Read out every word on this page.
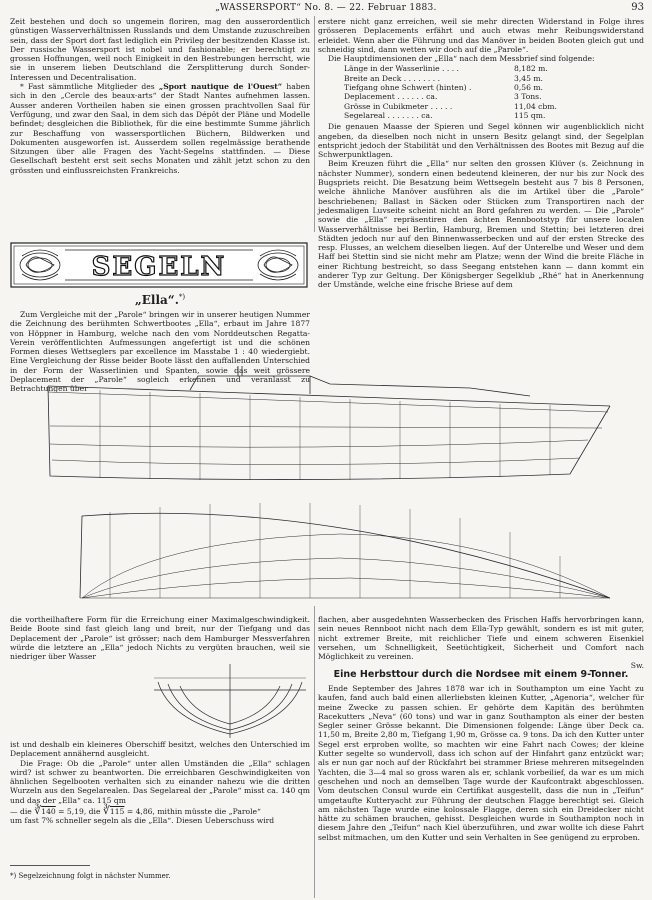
„WASSERSPORT“ No. 8. — 22. Februar 1883.	93

Zeit bestehen und doch so ungemein floriren, mag den ausserordentlich günstigen Wasserverhältnissen Russlands und dem Umstande zuzuschreiben sein, dass der Sport dort fast lediglich ein Privileg der besitzenden Klasse ist. Der russische Wassersport ist nobel und fashionable; er berechtigt zu grossen Hoffnungen, weil noch Einigkeit in den Bestrebungen herrscht, wie sie in unserem lieben Deutschland die Zersplitterung durch Sonder-Interessen und Decentralisation.

* Fast sämmtliche Mitglieder des „Sport nautique de l'Ouest“ haben sich in den „Cercle des beaux-arts“ der Stadt Nantes aufnehmen lassen. Ausser anderen Vortheilen haben sie einen grossen prachtvollen Saal für Verfügung, und zwar den Saal, in dem sich das Dépôt der Pläne und Modelle befindet; desgleichen die Bibliothek, für die eine bestimmte Summe jährlich zur Beschaffung von wassersportlichen Büchern, Bildwerken und Dokumenten ausgeworfen ist. Ausserdem sollen regelmässige berathende Sitzungen über alle Fragen des Yacht-Segelns stattfinden. — Diese Gesellschaft besteht erst seit sechs Monaten und zählt jetzt schon zu den grössten und einflussreichsten Frankreichs.

SEGELN
„Ella“.*)

Zum Vergleiche mit der „Parole“ bringen wir in unserer heutigen Nummer die Zeichnung des berühmten Schwertbootes „Ella“, erbaut im Jahre 1877 von Höppner in Hamburg, welche nach den vom Norddeutschen Regatta-Verein veröffentlichten Aufmessungen angefertigt ist und die schönen Formen dieses Wettseglers par excellence im Masstabe 1 : 40 wiedergiebt. Eine Vergleichung der Risse beider Boote lässt den auffallenden Unterschied in der Form der Wasserlinien und Spanten, sowie das weit grössere Deplacement der „Parole“ sogleich erkennen und veranlasst zu Betrachtungen über

erstere nicht ganz erreichen, weil sie mehr directen Widerstand in Folge ihres grösseren Deplacements erfährt und auch etwas mehr Reibungswiderstand erleidet. Wenn aber die Führung und das Manöver in beiden Booten gleich gut und schneidig sind, dann wetten wir doch auf die „Parole“.

Die Hauptdimensionen der „Ella“ nach dem Messbrief sind folgende:

Länge in der Wasserlinie . . . .	8,182 m.
Breite an Deck . . . . . . . .	3,45 m.
Tiefgang ohne Schwert (hinten) .	0,56 m.
Deplacement . . . . . . ca.	3 Tons.
Grösse in Cubikmeter . . . . .	11,04 cbm.
Segelareal . . . . . . . ca.	115 qm.

Die genauen Maasse der Spieren und Segel können wir augenblicklich nicht angeben, da dieselben noch nicht in unsern Besitz gelangt sind, der Segelplan entspricht jedoch der Stabilität und den Verhältnissen des Bootes mit Bezug auf die Schwerpunktlagen.

Beim Kreuzen führt die „Ella“ nur selten den grossen Klüver (s. Zeichnung in nächster Nummer), sondern einen bedeutend kleineren, der nur bis zur Nock des Bugspriets reicht. Die Besatzung beim Wettsegeln besteht aus 7 bis 8 Personen, welche ähnliche Manöver ausführen als die im Artikel über die „Parole“ beschriebenen; Ballast in Säcken oder Stücken zum Transportiren nach der jedesmaligen Luvseite scheint nicht an Bord gefahren zu werden. — Die „Parole“ sowie die „Ella“ repräsentiren den ächten Rennbootstyp für unsere localen Wasserverhältnisse bei Berlin, Hamburg, Bremen und Stettin; bei letzteren drei Städten jedoch nur auf den Binnenwasserbecken und auf der ersten Strecke des resp. Flusses, an welchem dieselben liegen. Auf der Unterelbe und Weser und dem Haff bei Stettin sind sie nicht mehr am Platze; wenn der Wind die breite Fläche in einer Richtung bestreicht, so dass Seegang entstehen kann — dann kommt ein anderer Typ zur Geltung. Der Königsberger Segelklub „Rhé“ hat in Anerkennung der Umstände, welche eine frische Briese auf dem

die vortheilhaftere Form für die Erreichung einer Maximalgeschwindigkeit. Beide Boote sind fast gleich lang und breit, nur der Tiefgang und das Deplacement der „Parole“ ist grösser; nach dem Hamburger Messverfahren würde die letztere an „Ella“ jedoch Nichts zu vergüten brauchen, weil sie niedriger über Wasser

ist und deshalb ein kleineres Oberschiff besitzt, welches den Unterschied im Deplacement annähernd ausgleicht.

Die Frage: Ob die „Parole“ unter allen Umständen die „Ella“ schlagen wird? ist schwer zu beantworten. Die erreichbaren Geschwindigkeiten von ähnlichen Segelbooten verhalten sich zu einander nahezu wie die dritten Wurzeln aus den Segelarealen. Das Segelareal der „Parole“ misst ca. 140 qm und das der „Ella“ ca. 115 qm

— die ∛140 = 5,19, die ∛115 = 4,86, mithin müsste die „Parole“

um fast 7% schneller segeln als die „Ella“. Diesen Ueberschuss wird

*) Segelzeichnung folgt in nächster Nummer.

flachen, aber ausgedehnten Wasserbecken des Frischen Haffs hervorbringen kann, sein neues Rennboot nicht nach dem Ella-Typ gewählt, sondern es ist mit guter, nicht extremer Breite, mit reichlicher Tiefe und einem schweren Eisenkiel versehen, um Schnelligkeit, Seetüchtigkeit, Sicherheit und Comfort nach Möglichkeit zu vereinen.

Sw.
Eine Herbsttour durch die Nordsee mit einem 9-Tonner.

Ende September des Jahres 1878 war ich in Southampton um eine Yacht zu kaufen, fand auch bald einen allerliebsten kleinen Kutter, „Agenoria“, welcher für meine Zwecke zu passen schien. Er gehörte dem Kapitän des berühmten Racekutters „Neva“ (60 tons) und war in ganz Southampton als einer der besten Segler seiner Grösse bekannt. Die Dimensionen folgende: Länge über Deck ca. 11,50 m, Breite 2,80 m, Tiefgang 1,90 m, Grösse ca. 9 tons. Da ich den Kutter unter Segel erst erproben wollte, so machten wir eine Fahrt nach Cowes; der kleine Kutter segelte so wundervoll, dass ich schon auf der Hinfahrt ganz entzückt war; als er nun gar noch auf der Rückfahrt bei strammer Briese mehreren mitsegelnden Yachten, die 3—4 mal so gross waren als er, schlank vorbeilief, da war es um mich geschehen und noch an demselben Tage wurde der Kaufcontrakt abgeschlossen. Vom deutschen Consul wurde ein Certifikat ausgestellt, dass die nun in „Teifun“ umgetaufte Kutteryacht zur Führung der deutschen Flagge berechtigt sei. Gleich am nächsten Tage wurde eine kolossale Flagge, deren sich ein Dreidecker nicht hätte zu schämen brauchen, gehisst. Desgleichen wurde in Southampton noch in diesem Jahre den „Teifun“ nach Kiel überzuführen, und zwar wollte ich diese Fahrt selbst mitmachen, um den Kutter und sein Verhalten in See genügend zu erproben.
